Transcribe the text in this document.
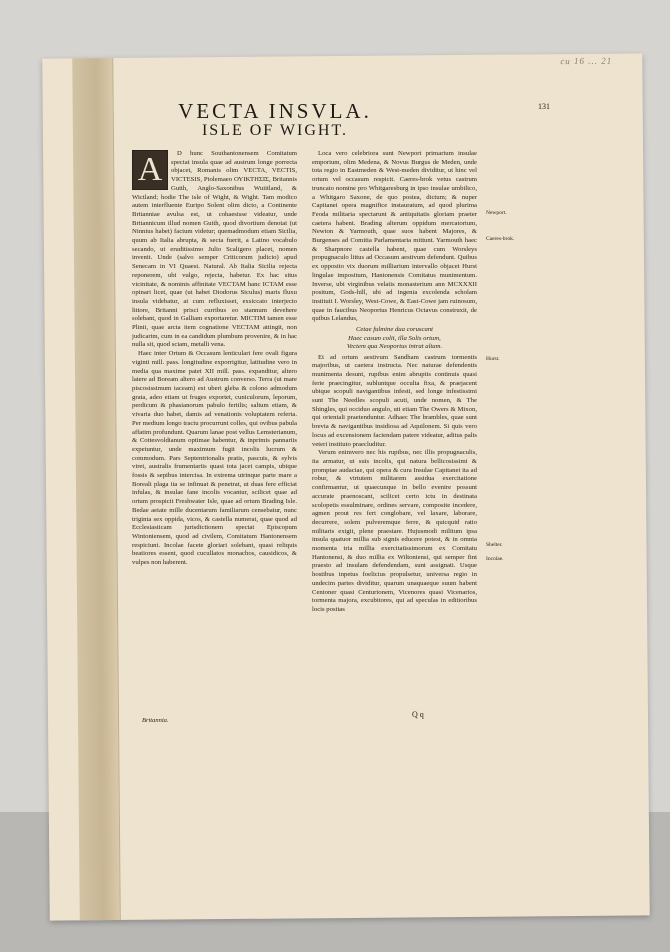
cu 16 ... 21
131
VECTA INSVLA.
ISLE OF WIGHT.
A	D hunc Southantonensem Comitatum spectat insula quae ad austrum longe porrecta objacet, Romanis olim VECTA, VECTIS, VICTESIS, Ptolemaeo ΟΥΙΚΤΗΣΙΣ, Britannis Guith, Anglo-Saxonibus Wuiitland, & Wictland; hodie The isle of Wight, & Wight. Tam modico autem interfluente Euripo Solent olim dicto, a Continente Britanniae avulsa est, ut cohaesisse videatur, unde Britannicum illud nomen Guith, quod divortium denotat (ut Ninnius habet) factum videtur; quemadmodum etiam Sicilia, quum ab Italia abrupta, & secta fuerit, a Latino vocabulo secando, ut eruditissimo Julio Scaligero placet, nomen invenit. Unde (salvo semper Criticorum judicio) apud Senecam in VI Quaest. Natural. Ab Italia Sicilia rejecta reponerem, ubi vulgo, rejecta, habetur. Ex hac situs vicinitate, & nominis affinitate VECTAM hanc ICTAM esse opinari licet, quae (ut habet Diodorus Siculus) maris fluxu insula videbatur, at cum refluxisset, exsiccato interjecto littore, Britanni prisci curribus eo stannum devehere solebant, quod in Galliam exportaretur. MICTIM tamen esse Plinii, quae arcta item cognatione VECTAM attingit, non judicarim, cum in ea candidum plumbum provenire, & in hac nulla sit, quod sciam, metalli vena.

Haec inter Ortum & Occasum lenticulari fere ovali figura viginti mill. pass. longitudine exporrigitur, latitudine vero in media qua maxime patet XII mill. pass. expanditur, altero latere ad Boream altero ad Austrum converso. Terra (ut mare piscosissimum taceam) est uberi gleba & colono admodum grata, adeo etiam ut fruges exportet, cuniculorum, leporum, perdicum & phasianorum pabulo fertilis; saltum etiam, & vivaria duo habet, damis ad venationis voluptatem referta. Per medium longo tractu procurrunt colles, qui ovibus pabula affatim profundunt. Quarum lanae post vellus Lemsterianum, & Cottesvoldianum optimae habentur, & inprimis pannariis expetuntur, unde maximum fugit incolis lucrum & commodum. Pars Septentrionalis pratis, pascuis, & sylvis viret, australis frumentariis quasi tota jacet campis, ubique fossis & sepibus intercisa. In extrema utrinque parte mare a Boreali plaga ita se infinuat & penetrat, ut duas fere efficiat infulas, & insulae fane incolis vocantur, scilicet quae ad ortum prospicit Freshwater Isle, quae ad ortum Brading Isle. Bedae aetate mille ducentarum familiarum censebatur, nunc triginta sex oppida, vicos, & castella numerat, quae quod ad Ecclesiasticam jurisdictionem spectat Episcopum Wintoniensem, quod ad civilem, Comitatum Hantonensem respiciunt. Incolae facete gloriari solebant, quasi reliquis beatiores essent, quod cucullatos monachos, causidicos, & vulpes non haberent.

Loca vero celebriora sunt Newport primarium insulae emporium, olim Medena, & Novus Burgus de Meden, unde tota regio in Eastmeden & West-meden dividitur, ut hinc vel ortum vel occasum respicit. Caeres-brok vetus castrum truncato nomine pro Whitgaresburg in ipso insulae umbilico, a Whitgaro Saxone, de quo postea, dictum; & nuper Capitanei opera magnifice instauratum, ad quod plurima Feoda militaria spectarunt & antiquitatis gloriam praeter caetera habent. Brading alterum oppidum mercatorium, Newton & Yarmouth, quae suos habent Majores, & Burgenses ad Comitia Parlamentaria mittunt. Yarmouth haec & Sharpnore castella habent, quae cum Worsleys propugnaculo littus ad Occasum aestivum defendunt. Quibus ex opposito vix duorum milliarium intervallo objacet Hurst lingulae impositum, Hantonensis Comitatus munimentum. Inverse, ubi virginibus velatis monasterium ann MCXXXII positum, Gods-hill, ubi ad ingenia excolenda scholam instituit I. Worsley, West-Cowe, & East-Cowe jam ruinosum, quae in faucibus Neoportus Henricus Octavus construxit, de quibus Lelandus,

Cetae fulmine dua coruscant
Haec casum colit, illa Solis ortum,
Vectem qua Neoportus intrat altam.

Et ad ortum aestivum Sandham castrum tormentis majoribus, ut caetera instructa. Nec naturae defendentis munimenta desunt, rupibus enim abruptis continuis quasi ferie praecingitur, subluntque occulta fixa, & praejacent ubique scopuli navigantibus infesti, sed longe infestissimi sunt The Needles scopuli acuti, unde nomen, & The Shingles, qui occiduo angulo, uti etiam The Owers & Mixon, qui orientali praetenduntur. Adhaec The brambles, quae sunt brevia & navigantibus insidiosa ad Aquilonem. Si quis vero locus ad excensionem faciendam patere videatur, aditus palis veteri instituto praecluditur.

Verum enimvero nec his rupibus, nec illis propugnaculis, ita armatur, ut suis incolis, qui natura bellicosissimi & promptae audaciae, qui opera & cura Insulae Capitanei ita ad robur, & virtutem militarem assidua exercitatione confirmantur, ut quaecunque in bello evenire possunt accurate praenoscant, scilicet certo ictu in destinata scolopetis essulminare, ordines servare, composite incedere, agmen prout res fert conglobare, vel laxare, laborare, decurrere, solem pulveremque ferre, & quicquid ratio militaris exigit, plene praestare. Hujusmodi militum ipsa insula quatuor millia sub signis educere potest, & in omnia momenta tria millia exercitatissimorum ex Comitatu Hantonensi, & duo millia ex Wiltoniensi, qui semper fint praesto ad insulam defendendam, sunt assignati. Usque hostibus inpetus foelicius propulsetur, universa regio in undecim partes dividitur, quarum unaquaeque suum habent Centoner quasi Centurionem, Vicenores quasi Vicenarios, tormenta majora, excubitores, qui ad speculas in editioribus locis positas

Newport.
Caeres-brok.
Hurst.
Shelter.
Incolae.
Britannia.
Q q
